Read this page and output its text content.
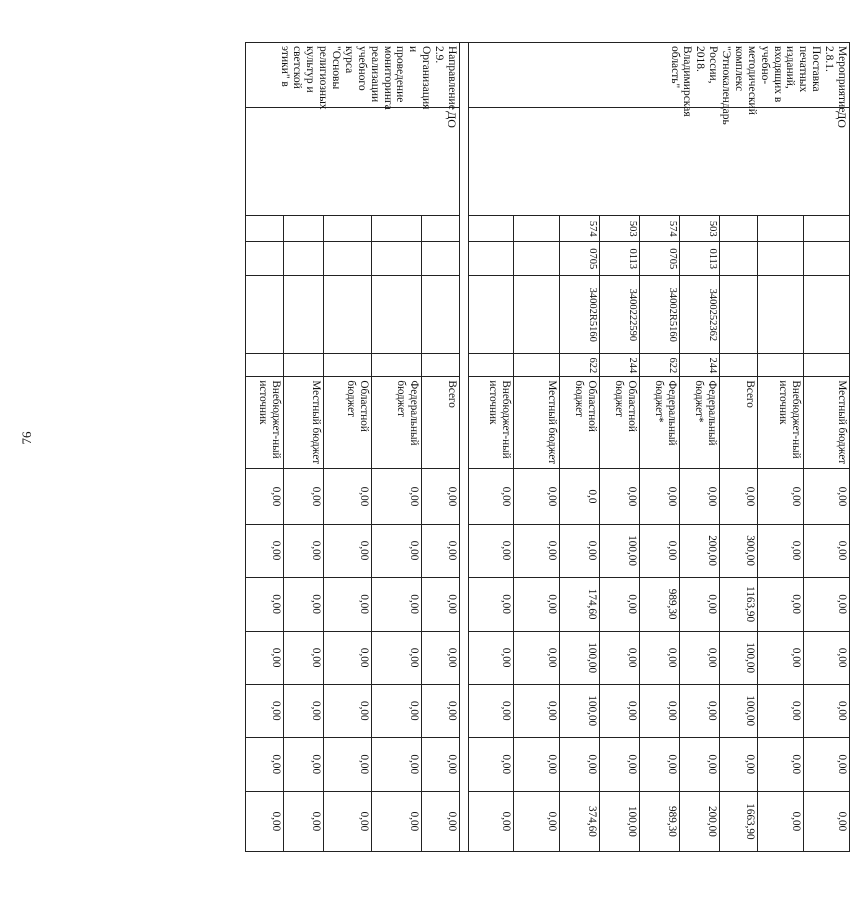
76
Мероприятие 2.8.1. Поставка печатных изданий, входящих в учебно-методический комплекс "Этнокалендарь России, 2018. Владимирская область"	ДО					Местный бюджет	0,00	0,00	0,00	0,00	0,00	0,00	0,00
						Внебюджет-ный источник	0,00	0,00	0,00	0,00	0,00	0,00	0,00
						Всего	0,00	300,00	1163,90	100,00	100,00	0,00	1663,90
		503	0113	3400252362	244	Федеральный бюджет*	0,00	200,00	0,00	0,00	0,00	0,00	200,00
		574	0705	34002R5160	622	Федеральный бюджет*	0,00	0,00	989,30	0,00	0,00	0,00	989,30
		503	0113	3400222590	244	Областной бюджет	0,00	100,00	0,00	0,00	0,00	0,00	100,00
		574	0705	34002R5160	622	Областной бюджет	0,0	0,00	174,60	100,00	100,00	0,00	374,60
						Местный бюджет	0,00	0,00	0,00	0,00	0,00	0,00	0,00
						Внебюджет-ный источник	0,00	0,00	0,00	0,00	0,00	0,00	0,00

Направление 2.9. Организация и проведение мониторинга реализации учебного курса "Основы религиозных культур и светской этики" в	ДО					Всего	0,00	0,00	0,00	0,00	0,00	0,00	0,00
						Федеральный бюджет	0,00	0,00	0,00	0,00	0,00	0,00	0,00
						Областной бюджет	0,00	0,00	0,00	0,00	0,00	0,00	0,00
						Местный бюджет	0,00	0,00	0,00	0,00	0,00	0,00	0,00
						Внебюджет-ный источник	0,00	0,00	0,00	0,00	0,00	0,00	0,00
